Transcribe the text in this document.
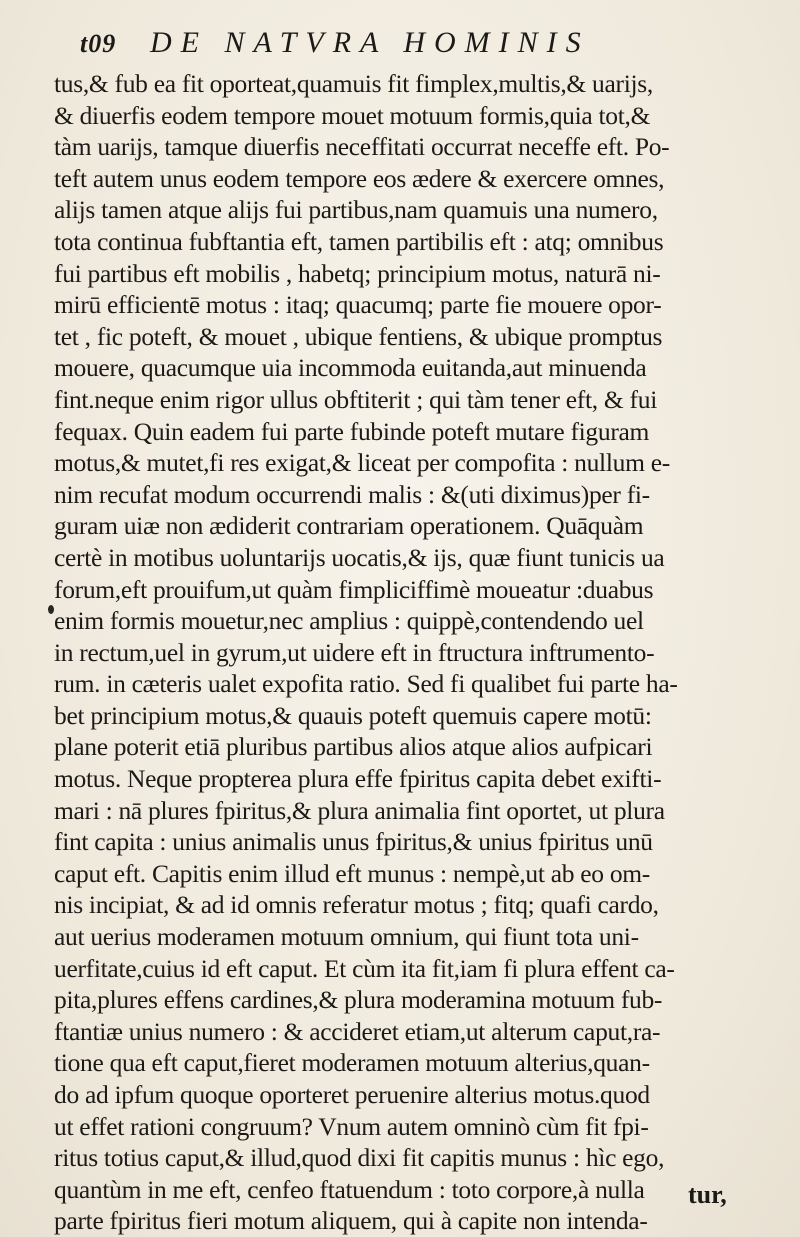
t09	DE NATVRA HOMINIS
tus,& fub ea fit oporteat,quamuis fit fimplex,multis,& uarijs,
& diuerfis eodem tempore mouet motuum formis,quia tot,&
tàm uarijs, tamque diuerfis neceffitati occurrat neceffe eft. Po-
teft autem unus eodem tempore eos ædere & exercere omnes,
alijs tamen atque alijs fui partibus,nam quamuis una numero,
tota continua fubftantia eft, tamen partibilis eft : atq; omnibus
fui partibus eft mobilis , habetq; principium motus, naturā ni-
mirū efficientē motus : itaq; quacumq; parte fie mouere opor-
tet , fic poteft, & mouet , ubique fentiens, & ubique promptus
mouere, quacumque uia incommoda euitanda,aut minuenda
fint.neque enim rigor ullus obftiterit ; qui tàm tener eft, & fui
fequax. Quin eadem fui parte fubinde poteft mutare figuram
motus,& mutet,fi res exigat,& liceat per compofita : nullum e-
nim recufat modum occurrendi malis : &(uti diximus)per fi-
guram uiæ non ædiderit contrariam operationem. Quāquàm
certè in motibus uoluntarijs uocatis,& ijs, quæ fiunt tunicis ua
forum,eft prouifum,ut quàm fimpliciffimè moueatur :duabus
enim formis mouetur,nec amplius : quippè,contendendo uel
in rectum,uel in gyrum,ut uidere eft in ftructura inftrumento-
rum. in cæteris ualet expofita ratio. Sed fi qualibet fui parte ha-
bet principium motus,& quauis poteft quemuis capere motū:
plane poterit etiā pluribus partibus alios atque alios aufpicari
motus. Neque propterea plura effe fpiritus capita debet exifti-
mari : nā plures fpiritus,& plura animalia fint oportet, ut plura
fint capita : unius animalis unus fpiritus,& unius fpiritus unū
caput eft. Capitis enim illud eft munus : nempè,ut ab eo om-
nis incipiat, & ad id omnis referatur motus ; fitq; quafi cardo,
aut uerius moderamen motuum omnium, qui fiunt tota uni-
uerfitate,cuius id eft caput. Et cùm ita fit,iam fi plura effent ca-
pita,plures effens cardines,& plura moderamina motuum fub-
ftantiæ unius numero : & accideret etiam,ut alterum caput,ra-
tione qua eft caput,fieret moderamen motuum alterius,quan-
do ad ipfum quoque oporteret peruenire alterius motus.quod
ut effet rationi congruum? Vnum autem omninò cùm fit fpi-
ritus totius caput,& illud,quod dixi fit capitis munus : hìc ego,
quantùm in me eft, cenfeo ftatuendum : toto corpore,à nulla
parte fpiritus fieri motum aliquem, qui à capite non intenda-
tur,
